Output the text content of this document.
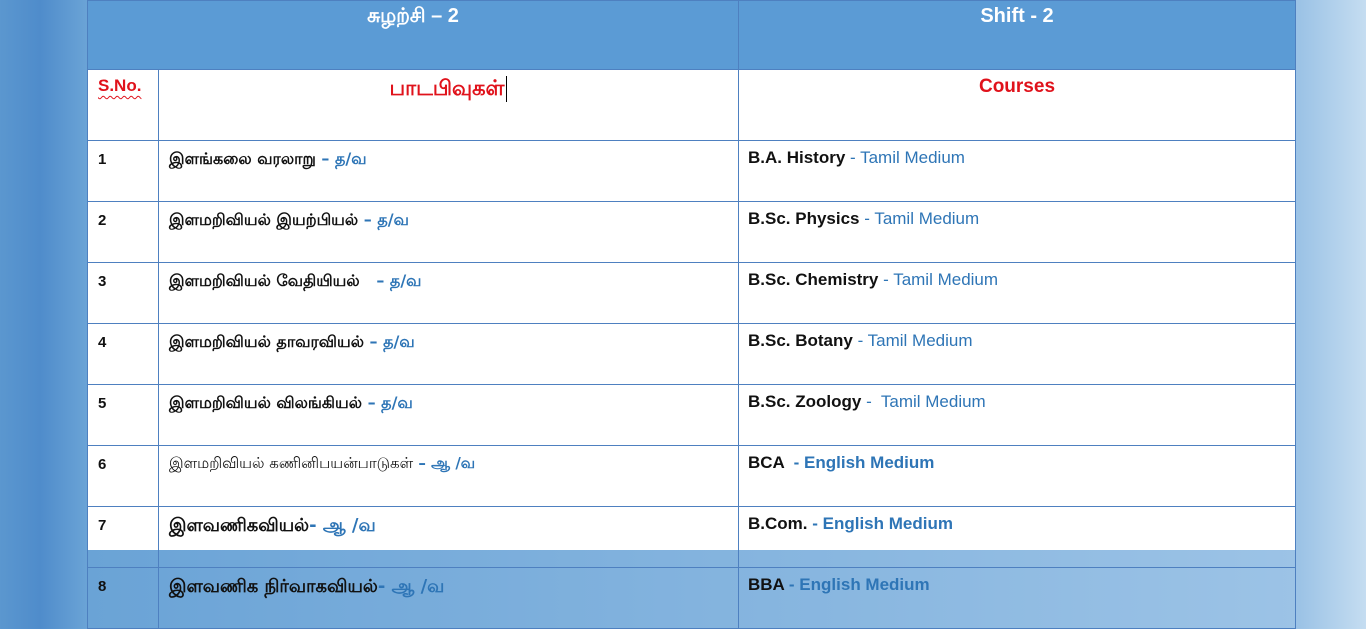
சுழற்சி – 2		Shift - 2
S.No.	பாடபிவுகள்	Courses
1	இளங்கலை வரலாறு – த/வ	B.A. History - Tamil Medium
2	இளமறிவியல் இயற்பியல் – த/வ	B.Sc. Physics - Tamil Medium
3	இளமறிவியல் வேதியியல்   – த/வ	B.Sc. Chemistry - Tamil Medium
4	இளமறிவியல் தாவரவியல் – த/வ	B.Sc. Botany - Tamil Medium
5	இளமறிவியல் விலங்கியல் – த/வ	B.Sc. Zoology -  Tamil Medium
6	இளமறிவியல் கணினிபயன்பாடுகள் – ஆ /வ	BCA  - English Medium
7	இளவணிகவியல்- ஆ /வ	B.Com. - English Medium
8	இளவணிக நிர்வாகவியல்- ஆ /வ	BBA - English Medium
